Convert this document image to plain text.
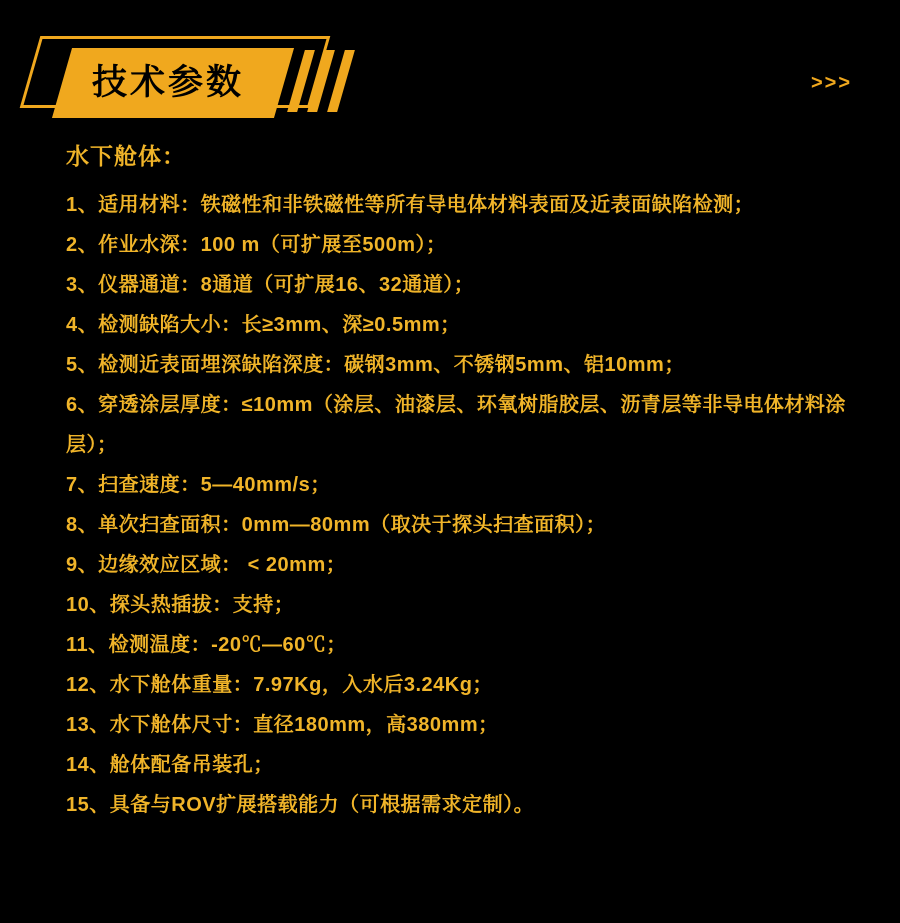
技术参数	>>>
水下舱体：
1、适用材料：铁磁性和非铁磁性等所有导电体材料表面及近表面缺陷检测；
2、作业水深：100 m（可扩展至500m）；
3、仪器通道：8通道（可扩展16、32通道）；
4、检测缺陷大小：长≥3mm、深≥0.5mm；
5、检测近表面埋深缺陷深度：碳钢3mm、不锈钢5mm、铝10mm；
6、穿透涂层厚度：≤10mm（涂层、油漆层、环氧树脂胶层、沥青层等非导电体材料涂层）；
7、扫查速度：5—40mm/s；
8、单次扫查面积：0mm—80mm（取决于探头扫查面积）；
9、边缘效应区域： < 20mm；
10、探头热插拔：支持；
11、检测温度：-20℃—60℃；
12、水下舱体重量：7.97Kg，入水后3.24Kg；
13、水下舱体尺寸：直径180mm，高380mm；
14、舱体配备吊装孔；
15、具备与ROV扩展搭载能力（可根据需求定制）。
